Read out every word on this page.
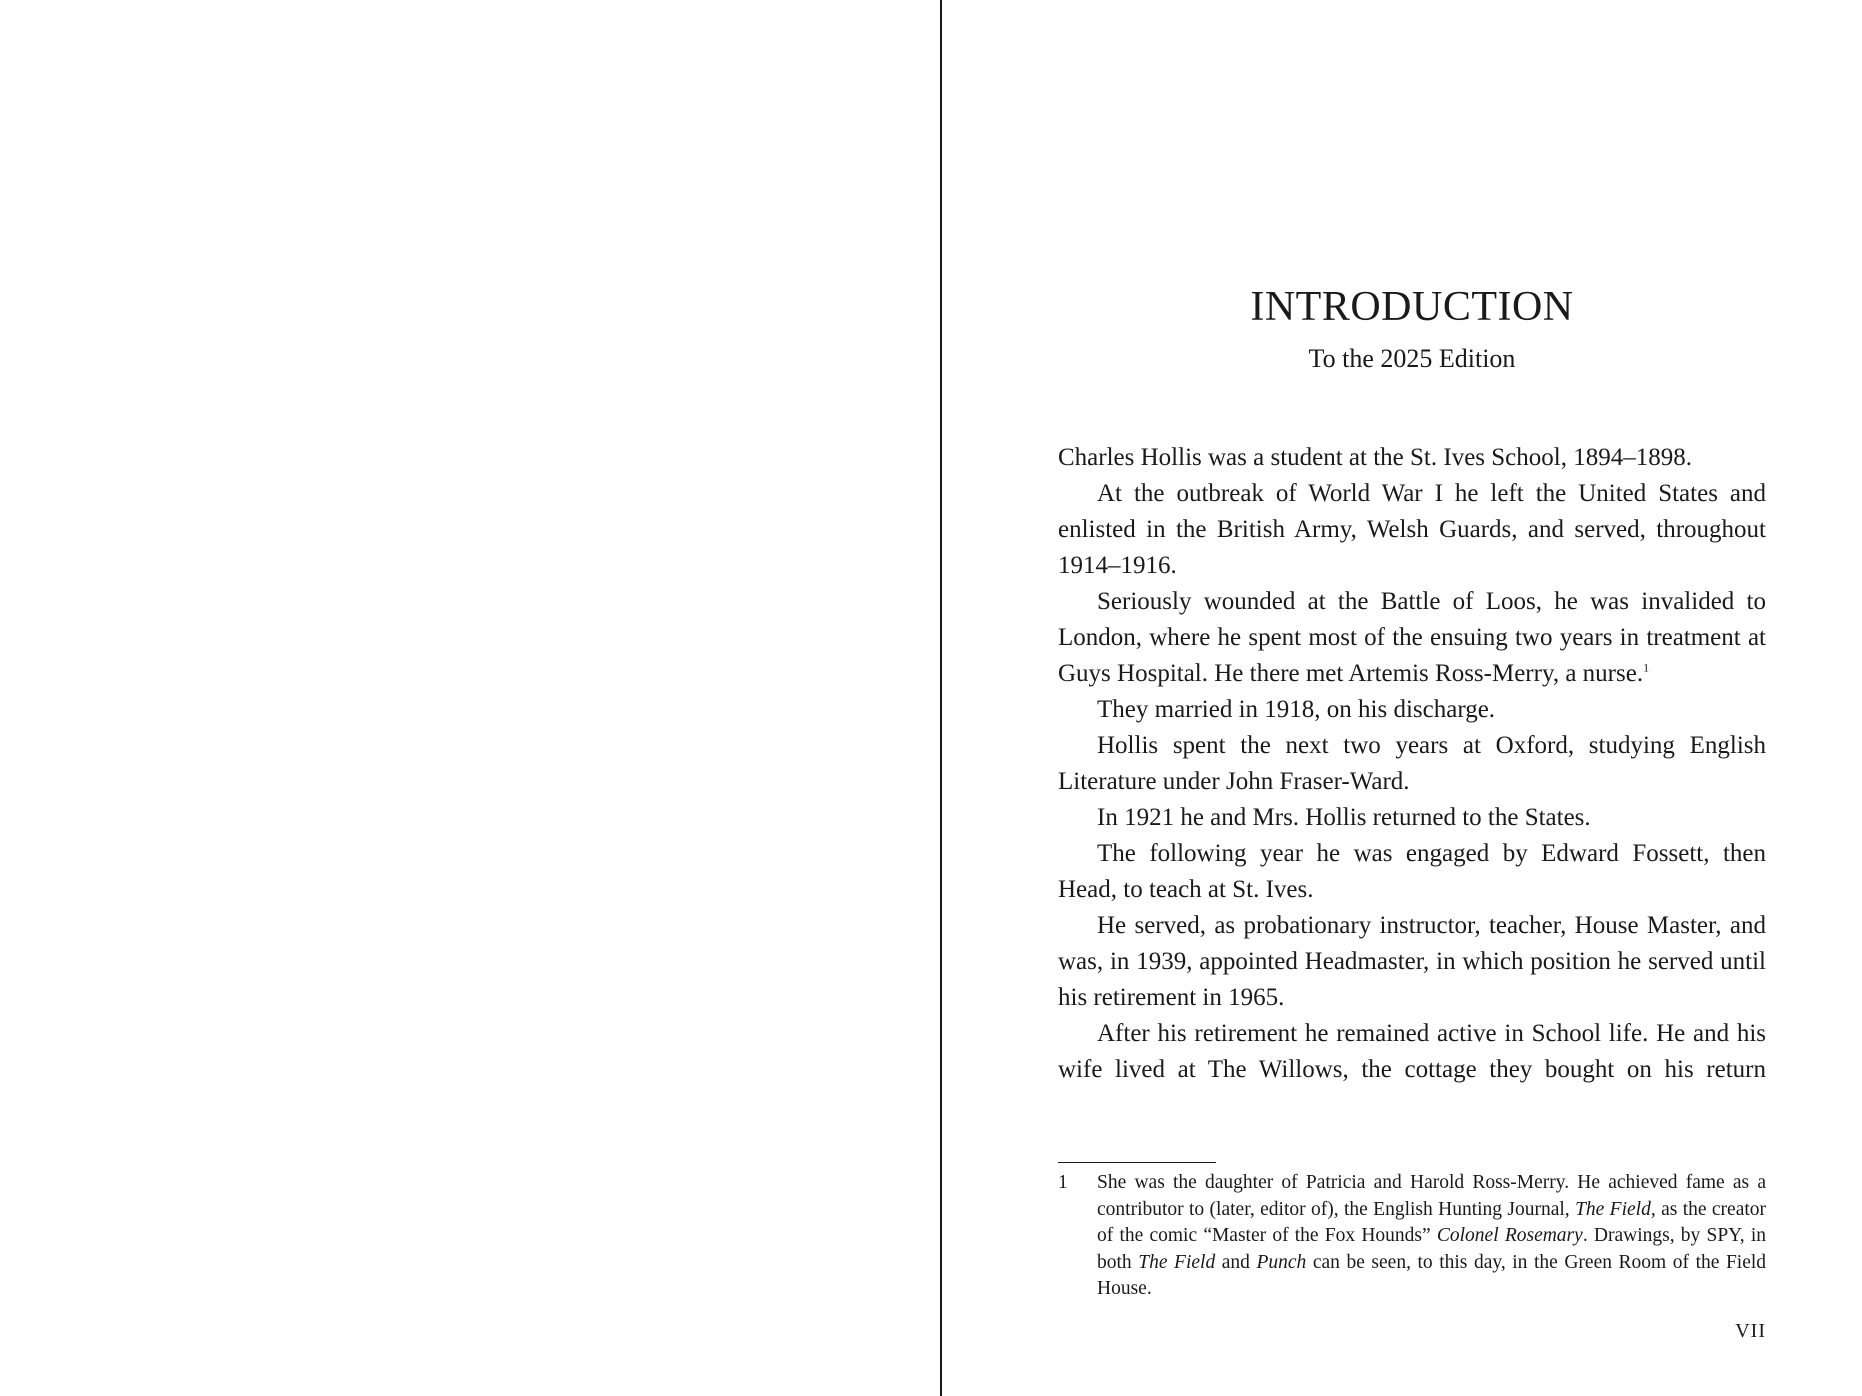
INTRODUCTION
To the 2025 Edition

Charles Hollis was a student at the St. Ives School, 1894–1898.

At the outbreak of World War I he left the United States and enlisted in the British Army, Welsh Guards, and served, throughout 1914–1916.

Seriously wounded at the Battle of Loos, he was invalided to London, where he spent most of the ensuing two years in treatment at Guys Hospital. He there met Artemis Ross-Merry, a nurse.$^1$

They married in 1918, on his discharge.

Hollis spent the next two years at Oxford, studying English Literature under John Fraser-Ward.

In 1921 he and Mrs. Hollis returned to the States.

The following year he was engaged by Edward Fossett, then Head, to teach at St. Ives.

He served, as probationary instructor, teacher, House Master, and was, in 1939, appointed Headmaster, in which position he served until his retirement in 1965.

After his retirement he remained active in School life. He and his wife lived at The Willows, the cottage they bought on his return

1	She was the daughter of Patricia and Harold Ross-Merry. He achieved fame as a contributor to (later, editor of), the English Hunting Journal, The Field, as the creator of the comic “Master of the Fox Hounds” Colonel Rosemary. Drawings, by SPY, in both The Field and Punch can be seen, to this day, in the Green Room of the Field House.
VII
